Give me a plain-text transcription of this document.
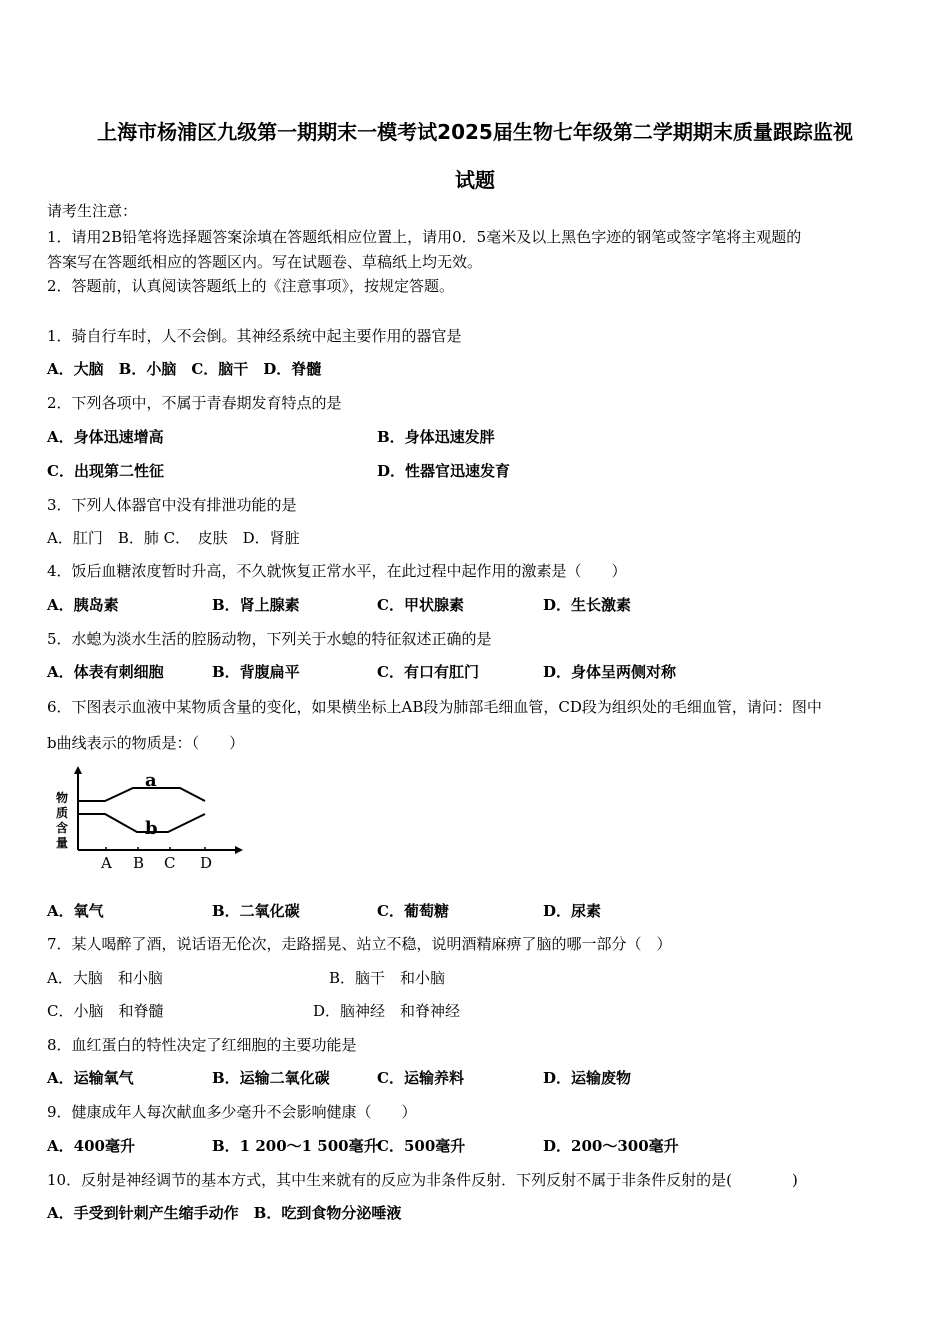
上海市杨浦区九级第一期期末一模考试2025届生物七年级第二学期期末质量跟踪监视
试题
请考生注意：
1．请用2B铅笔将选择题答案涂填在答题纸相应位置上，请用0．5毫米及以上黑色字迹的钢笔或签字笔将主观题的
答案写在答题纸相应的答题区内。写在试题卷、草稿纸上均无效。
2．答题前，认真阅读答题纸上的《注意事项》，按规定答题。
1．骑自行车时，人不会倒。其神经系统中起主要作用的器官是
A．大脑　B．小脑　C．脑干　D．脊髓
2．下列各项中，不属于青春期发育特点的是
A．身体迅速增高	B．身体迅速发胖
C．出现第二性征	D．性器官迅速发育
3．下列人体器官中没有排泄功能的是
A．肛门　B．肺 C．　皮肤　D．肾脏
4．饭后血糖浓度暂时升高，不久就恢复正常水平，在此过程中起作用的激素是（　　）
A．胰岛素	B．肾上腺素	C．甲状腺素	D．生长激素
5．水螅为淡水生活的腔肠动物，下列关于水螅的特征叙述正确的是
A．体表有刺细胞	B．背腹扁平	C．有口有肛门	D．身体呈两侧对称
6．下图表示血液中某物质含量的变化，如果横坐标上AB段为肺部毛细血管，CD段为组织处的毛细血管，请问：图中
b曲线表示的物质是：（　　）
物
质
含
量
a
b
A B C D
A．氧气	B．二氧化碳	C．葡萄糖	D．尿素
7．某人喝醉了酒，说话语无伦次，走路摇晃、站立不稳，说明酒精麻痹了脑的哪一部分（　）
A．大脑　和小脑	B．脑干　和小脑
C．小脑　和脊髓	D．脑神经　和脊神经
8．血红蛋白的特性决定了红细胞的主要功能是
A．运输氧气	B．运输二氧化碳	C．运输养料	D．运输废物
9．健康成年人每次献血多少毫升不会影响健康（　　）
A．400毫升	B．1 200～1 500毫升
C．500毫升	D．200～300毫升
10．反射是神经调节的基本方式，其中生来就有的反应为非条件反射．下列反射不属于非条件反射的是(　　　　)
A．手受到针刺产生缩手动作　B．吃到食物分泌唾液
